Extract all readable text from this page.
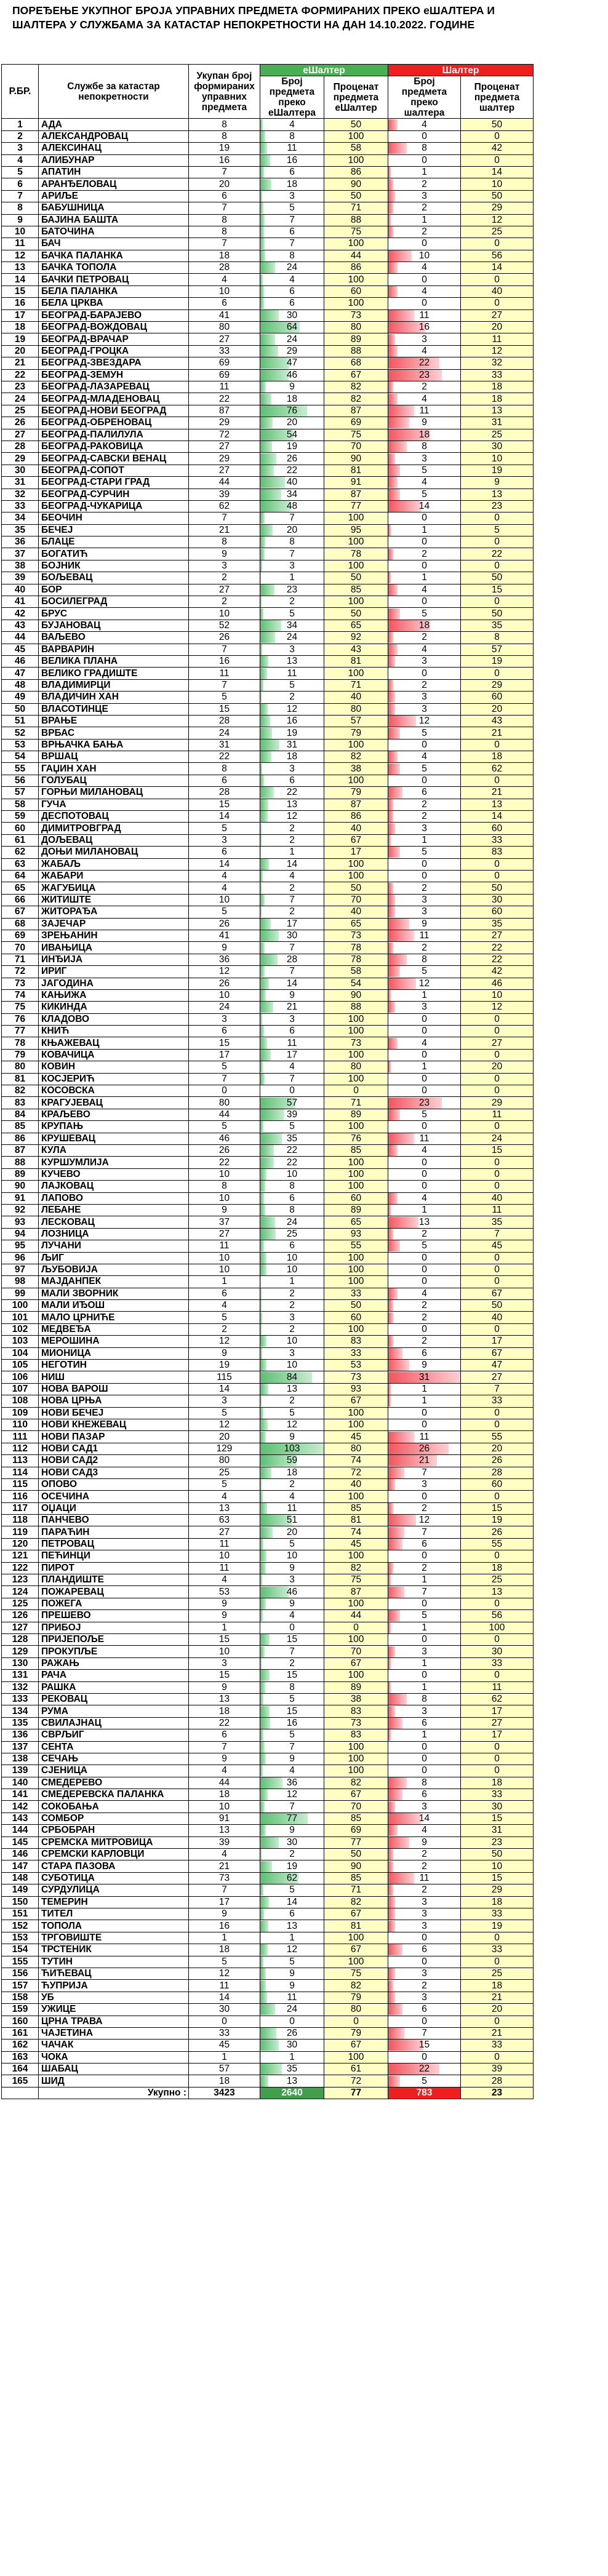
ПОРЕЂЕЊЕ УКУПНОГ БРОЈА УПРАВНИХ ПРЕДМЕТА ФОРМИРАНИХ ПРЕКО еШАЛТЕРА И
ШАЛТЕРА У СЛУЖБАМА ЗА КАТАСТАР НЕПОКРЕТНОСТИ НА ДАН 14.10.2022. ГОДИНЕ
Р.БР.	Службе за катастар непокретности	Укупан број формираних управних предмета	еШалтер		Шалтер	
			Број предмета преко еШалтера	Проценат предмета еШалтер	Број предмета преко шалтера	Проценат предмета шалтер
1	АДА	8	4	50	4	50
2	АЛЕКСАНДРОВАЦ	8	8	100	0	0
3	АЛЕКСИНАЦ	19	11	58	8	42
4	АЛИБУНАР	16	16	100	0	0
5	АПАТИН	7	6	86	1	14
6	АРАНЂЕЛОВАЦ	20	18	90	2	10
7	АРИЉЕ	6	3	50	3	50
8	БАБУШНИЦА	7	5	71	2	29
9	БАЈИНА БАШТА	8	7	88	1	12
10	БАТОЧИНА	8	6	75	2	25
11	БАЧ	7	7	100	0	0
12	БАЧКА ПАЛАНКА	18	8	44	10	56
13	БАЧКА ТОПОЛА	28	24	86	4	14
14	БАЧКИ ПЕТРОВАЦ	4	4	100	0	0
15	БЕЛА ПАЛАНКА	10	6	60	4	40
16	БЕЛА ЦРКВА	6	6	100	0	0
17	БЕОГРАД-БАРАЈЕВО	41	30	73	11	27
18	БЕОГРАД-ВОЖДОВАЦ	80	64	80	16	20
19	БЕОГРАД-ВРАЧАР	27	24	89	3	11
20	БЕОГРАД-ГРОЦКА	33	29	88	4	12
21	БЕОГРАД-ЗВЕЗДАРА	69	47	68	22	32
22	БЕОГРАД-ЗЕМУН	69	46	67	23	33
23	БЕОГРАД-ЛАЗАРЕВАЦ	11	9	82	2	18
24	БЕОГРАД-МЛАДЕНОВАЦ	22	18	82	4	18
25	БЕОГРАД-НОВИ БЕОГРАД	87	76	87	11	13
26	БЕОГРАД-ОБРЕНОВАЦ	29	20	69	9	31
27	БЕОГРАД-ПАЛИЛУЛА	72	54	75	18	25
28	БЕОГРАД-РАКОВИЦА	27	19	70	8	30
29	БЕОГРАД-САВСКИ ВЕНАЦ	29	26	90	3	10
30	БЕОГРАД-СОПОТ	27	22	81	5	19
31	БЕОГРАД-СТАРИ ГРАД	44	40	91	4	9
32	БЕОГРАД-СУРЧИН	39	34	87	5	13
33	БЕОГРАД-ЧУКАРИЦА	62	48	77	14	23
34	БЕОЧИН	7	7	100	0	0
35	БЕЧЕЈ	21	20	95	1	5
36	БЛАЦЕ	8	8	100	0	0
37	БОГАТИЋ	9	7	78	2	22
38	БОЈНИК	3	3	100	0	0
39	БОЉЕВАЦ	2	1	50	1	50
40	БОР	27	23	85	4	15
41	БОСИЛЕГРАД	2	2	100	0	0
42	БРУС	10	5	50	5	50
43	БУЈАНОВАЦ	52	34	65	18	35
44	ВАЉЕВО	26	24	92	2	8
45	ВАРВАРИН	7	3	43	4	57
46	ВЕЛИКА ПЛАНА	16	13	81	3	19
47	ВЕЛИКО ГРАДИШТЕ	11	11	100	0	0
48	ВЛАДИМИРЦИ	7	5	71	2	29
49	ВЛАДИЧИН ХАН	5	2	40	3	60
50	ВЛАСОТИНЦЕ	15	12	80	3	20
51	ВРАЊЕ	28	16	57	12	43
52	ВРБАС	24	19	79	5	21
53	ВРЊАЧКА БАЊА	31	31	100	0	0
54	ВРШАЦ	22	18	82	4	18
55	ГАЏИН ХАН	8	3	38	5	62
56	ГОЛУБАЦ	6	6	100	0	0
57	ГОРЊИ МИЛАНОВАЦ	28	22	79	6	21
58	ГУЧА	15	13	87	2	13
59	ДЕСПОТОВАЦ	14	12	86	2	14
60	ДИМИТРОВГРАД	5	2	40	3	60
61	ДОЉЕВАЦ	3	2	67	1	33
62	ДОЊИ МИЛАНОВАЦ	6	1	17	5	83
63	ЖАБАЉ	14	14	100	0	0
64	ЖАБАРИ	4	4	100	0	0
65	ЖАГУБИЦА	4	2	50	2	50
66	ЖИТИШТЕ	10	7	70	3	30
67	ЖИТОРАЂА	5	2	40	3	60
68	ЗАЈЕЧАР	26	17	65	9	35
69	ЗРЕЊАНИН	41	30	73	11	27
70	ИВАЊИЦА	9	7	78	2	22
71	ИНЂИЈА	36	28	78	8	22
72	ИРИГ	12	7	58	5	42
73	ЈАГОДИНА	26	14	54	12	46
74	КАЊИЖА	10	9	90	1	10
75	КИКИНДА	24	21	88	3	12
76	КЛАДОВО	3	3	100	0	0
77	КНИЋ	6	6	100	0	0
78	КЊАЖЕВАЦ	15	11	73	4	27
79	КОВАЧИЦА	17	17	100	0	0
80	КОВИН	5	4	80	1	20
81	КОСЈЕРИЋ	7	7	100	0	0
82	КОСОВСКА	0	0	0	0	0
83	КРАГУЈЕВАЦ	80	57	71	23	29
84	КРАЉЕВО	44	39	89	5	11
85	КРУПАЊ	5	5	100	0	0
86	КРУШЕВАЦ	46	35	76	11	24
87	КУЛА	26	22	85	4	15
88	КУРШУМЛИЈА	22	22	100	0	0
89	КУЧЕВО	10	10	100	0	0
90	ЛАЈКОВАЦ	8	8	100	0	0
91	ЛАПОВО	10	6	60	4	40
92	ЛЕБАНЕ	9	8	89	1	11
93	ЛЕСКОВАЦ	37	24	65	13	35
94	ЛОЗНИЦА	27	25	93	2	7
95	ЛУЧАНИ	11	6	55	5	45
96	ЉИГ	10	10	100	0	0
97	ЉУБОВИЈА	10	10	100	0	0
98	МАЈДАНПЕК	1	1	100	0	0
99	МАЛИ ЗВОРНИК	6	2	33	4	67
100	МАЛИ ИЂОШ	4	2	50	2	50
101	МАЛО ЦРНИЋЕ	5	3	60	2	40
102	МЕДВЕЂА	2	2	100	0	0
103	МЕРОШИНА	12	10	83	2	17
104	МИОНИЦА	9	3	33	6	67
105	НЕГОТИН	19	10	53	9	47
106	НИШ	115	84	73	31	27
107	НОВА ВАРОШ	14	13	93	1	7
108	НОВА ЦРЊА	3	2	67	1	33
109	НОВИ БЕЧЕЈ	5	5	100	0	0
110	НОВИ КНЕЖЕВАЦ	12	12	100	0	0
111	НОВИ ПАЗАР	20	9	45	11	55
112	НОВИ САД1	129	103	80	26	20
113	НОВИ САД2	80	59	74	21	26
114	НОВИ САД3	25	18	72	7	28
115	ОПОВО	5	2	40	3	60
116	ОСЕЧИНА	4	4	100	0	0
117	ОЏАЦИ	13	11	85	2	15
118	ПАНЧЕВО	63	51	81	12	19
119	ПАРАЋИН	27	20	74	7	26
120	ПЕТРОВАЦ	11	5	45	6	55
121	ПЕЋИНЦИ	10	10	100	0	0
122	ПИРОТ	11	9	82	2	18
123	ПЛАНДИШТЕ	4	3	75	1	25
124	ПОЖАРЕВАЦ	53	46	87	7	13
125	ПОЖЕГА	9	9	100	0	0
126	ПРЕШЕВО	9	4	44	5	56
127	ПРИБОЈ	1	0	0	1	100
128	ПРИЈЕПОЉЕ	15	15	100	0	0
129	ПРОКУПЉЕ	10	7	70	3	30
130	РАЖАЊ	3	2	67	1	33
131	РАЧА	15	15	100	0	0
132	РАШКА	9	8	89	1	11
133	РЕКОВАЦ	13	5	38	8	62
134	РУМА	18	15	83	3	17
135	СВИЛАЈНАЦ	22	16	73	6	27
136	СВРЉИГ	6	5	83	1	17
137	СЕНТА	7	7	100	0	0
138	СЕЧАЊ	9	9	100	0	0
139	СЈЕНИЦА	4	4	100	0	0
140	СМЕДЕРЕВО	44	36	82	8	18
141	СМЕДЕРЕВСКА ПАЛАНКА	18	12	67	6	33
142	СОКОБАЊА	10	7	70	3	30
143	СОМБОР	91	77	85	14	15
144	СРБОБРАН	13	9	69	4	31
145	СРЕМСКА МИТРОВИЦА	39	30	77	9	23
146	СРЕМСКИ КАРЛОВЦИ	4	2	50	2	50
147	СТАРА ПАЗОВА	21	19	90	2	10
148	СУБОТИЦА	73	62	85	11	15
149	СУРДУЛИЦА	7	5	71	2	29
150	ТЕМЕРИН	17	14	82	3	18
151	ТИТЕЛ	9	6	67	3	33
152	ТОПОЛА	16	13	81	3	19
153	ТРГОВИШТЕ	1	1	100	0	0
154	ТРСТЕНИК	18	12	67	6	33
155	ТУТИН	5	5	100	0	0
156	ЋИЋЕВАЦ	12	9	75	3	25
157	ЋУПРИЈА	11	9	82	2	18
158	УБ	14	11	79	3	21
159	УЖИЦЕ	30	24	80	6	20
160	ЦРНА ТРАВА	0	0	0	0	0
161	ЧАЈЕТИНА	33	26	79	7	21
162	ЧАЧАК	45	30	67	15	33
163	ЧОКА	1	1	100	0	0
164	ШАБАЦ	57	35	61	22	39
165	ШИД	18	13	72	5	28
	Укупно :	3423	2640	77	783	23
